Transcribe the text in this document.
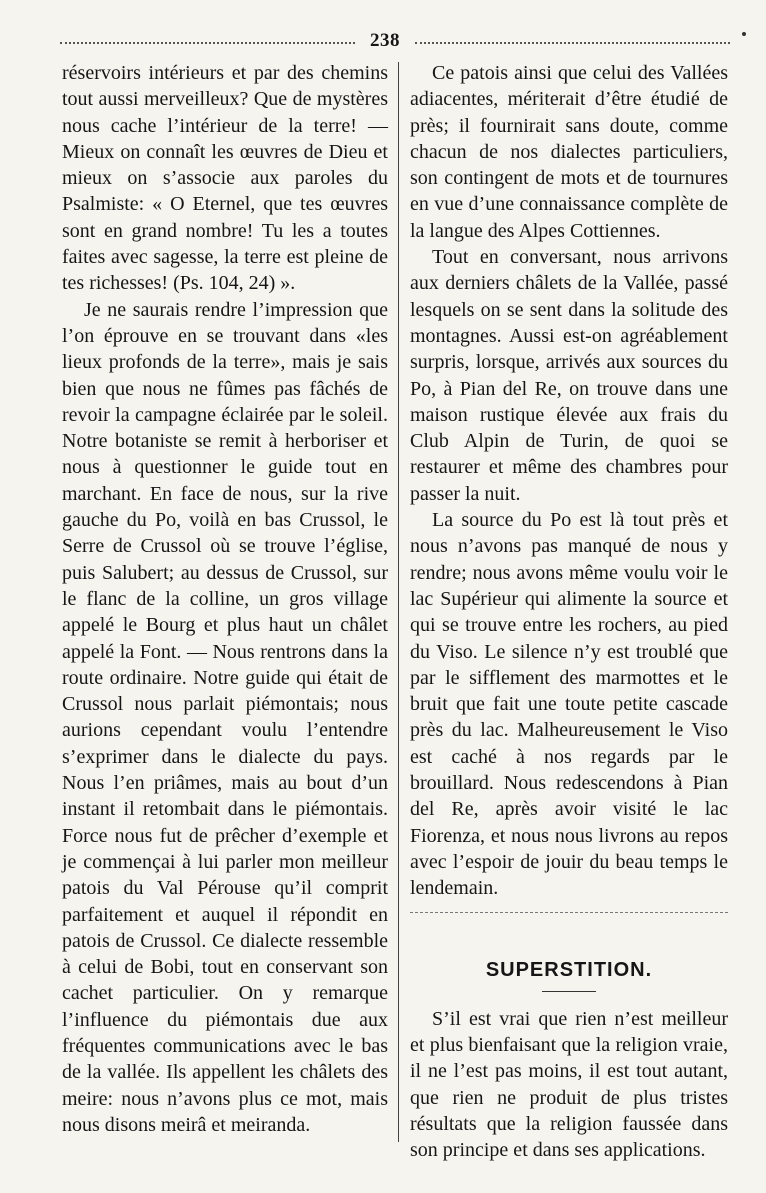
238

réservoirs intérieurs et par des chemins tout aussi merveilleux? Que de mystères nous cache l’intérieur de la terre! — Mieux on connaît les œuvres de Dieu et mieux on s’associe aux paroles du Psalmiste: « O Eternel, que tes œuvres sont en grand nombre! Tu les a toutes faites avec sagesse, la terre est pleine de tes richesses! (Ps. 104, 24) ».

Je ne saurais rendre l’impression que l’on éprouve en se trouvant dans «les lieux profonds de la terre», mais je sais bien que nous ne fûmes pas fâchés de revoir la campagne éclairée par le soleil. Notre botaniste se remit à herboriser et nous à questionner le guide tout en marchant. En face de nous, sur la rive gauche du Po, voilà en bas Crussol, le Serre de Crussol où se trouve l’église, puis Salubert; au dessus de Crussol, sur le flanc de la colline, un gros village appelé le Bourg et plus haut un châlet appelé la Font. — Nous rentrons dans la route ordinaire. Notre guide qui était de Crussol nous parlait piémontais; nous aurions cependant voulu l’entendre s’exprimer dans le dialecte du pays. Nous l’en priâmes, mais au bout d’un instant il retombait dans le piémontais. Force nous fut de prêcher d’exemple et je commençai à lui parler mon meilleur patois du Val Pérouse qu’il comprit parfaitement et auquel il répondit en patois de Crussol. Ce dialecte ressemble à celui de Bobi, tout en conservant son cachet particulier. On y remarque l’influence du piémontais due aux fréquentes communications avec le bas de la vallée. Ils appellent les châlets des meire: nous n’avons plus ce mot, mais nous disons meirâ et meiranda.

Ce patois ainsi que celui des Vallées adiacentes, mériterait d’être étudié de près; il fournirait sans doute, comme chacun de nos dialectes particuliers, son contingent de mots et de tournures en vue d’une connaissance complète de la langue des Alpes Cottiennes.

Tout en conversant, nous arrivons aux derniers châlets de la Vallée, passé lesquels on se sent dans la solitude des montagnes. Aussi est-on agréablement surpris, lorsque, arrivés aux sources du Po, à Pian del Re, on trouve dans une maison rustique élevée aux frais du Club Alpin de Turin, de quoi se restaurer et même des chambres pour passer la nuit.

La source du Po est là tout près et nous n’avons pas manqué de nous y rendre; nous avons même voulu voir le lac Supérieur qui alimente la source et qui se trouve entre les rochers, au pied du Viso. Le silence n’y est troublé que par le sifflement des marmottes et le bruit que fait une toute petite cascade près du lac. Malheureusement le Viso est caché à nos regards par le brouillard. Nous redescendons à Pian del Re, après avoir visité le lac Fiorenza, et nous nous livrons au repos avec l’espoir de jouir du beau temps le lendemain.

SUPERSTITION.

S’il est vrai que rien n’est meilleur et plus bienfaisant que la religion vraie, il ne l’est pas moins, il est tout autant, que rien ne produit de plus tristes résultats que la religion faussée dans son principe et dans ses applications.
